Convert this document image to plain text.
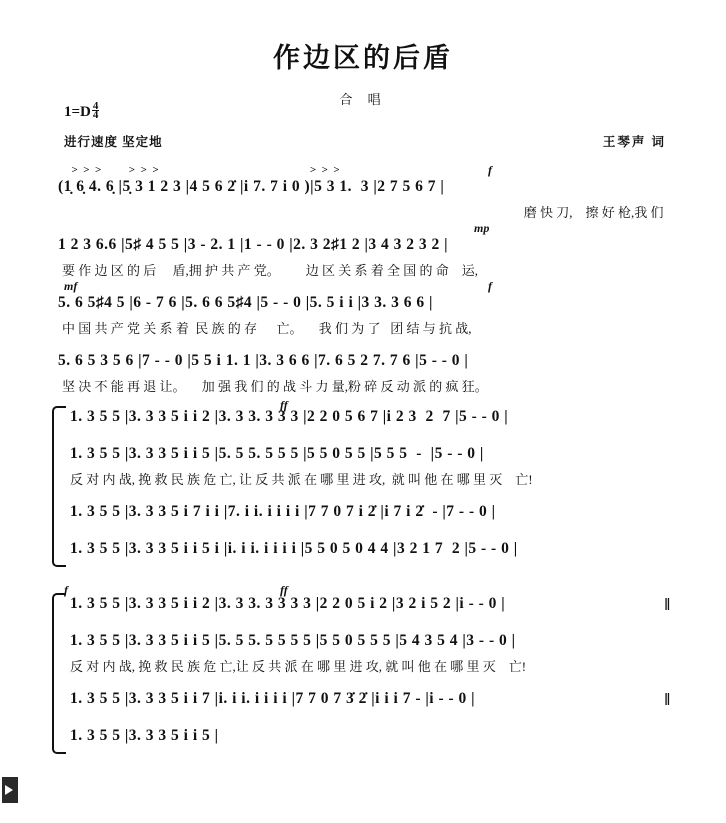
作边区的后盾
合 唱
$1=D \frac{4}{4}$
进行速度 坚定地	王琴声 词
>  >  >          >  >  >                                                       >  >  >	f
(1̣ 6̣ 4. 6̣ |5̣ 3 1 2 3 |4 5 6 2̇ |i 7. 7 i 0 )|5 3 1.  3 |2 7 5 6 7 |
磨 快 刀,    擦 好 枪,我 们
mp
1 2 3 6.6 |5♯ 4 5 5 |3 - 2. 1 |1 - - 0 |2. 3 2♯1 2 |3 4 3 2 3 2 |
要 作 边 区 的 后     盾,拥 护 共 产 党。        边 区 关 系 着 全 国 的 命    运,
mf	f
5. 6 5♯4 5 |6 - 7 6 |5. 6 6 5♯4 |5 - - 0 |5. 5 i i |3 3. 3 6 6 |
中 国 共 产 党 关 系 着  民 族 的 存      亡。     我 们 为 了   团 结 与 抗 战,
5. 6 5 3 5 6 |7 - - 0 |5 5 i 1. 1 |3. 3 6 6 |7. 6 5 2 7. 7 6 |5 - - 0 |
坚 决 不 能 再 退 让。     加 强 我 们 的 战 斗 力 量,粉 碎 反 动 派 的 疯 狂。
ff
1. 3 5 5 |3. 3 3 5 i i 2 |3. 3 3. 3 3 3 |2 2 0 5 6 7 |i 2 3  2  7 |5 - - 0 |
1. 3 5 5 |3. 3 3 5 i i 5 |5. 5 5. 5 5 5 |5 5 0 5 5 |5 5 5  -  |5 - - 0 |
反 对 内 战, 挽 救 民 族 危 亡, 让 反 共 派 在 哪 里 进 攻,  就 叫 他 在 哪 里 灭    亡!
1. 3 5 5 |3. 3 3 5 i 7 i i |7. i i. i i i i |7 7 0 7 i 2̇ |i 7 i 2̇  - |7 - - 0 |
1. 3 5 5 |3. 3 3 5 i i 5 i |i. i i. i i i i |5 5 0 5 0 4 4 |3 2 1 7  2 |5 - - 0 |
f	ff
1. 3 5 5 |3. 3 3 5 i i 2 |3. 3 3. 3 3 3 3 |2 2 0 5 i 2 |3 2 i 5 2 |i - - 0 |	‖
1. 3 5 5 |3. 3 3 5 i i 5 |5. 5 5. 5 5 5 5 |5 5 0 5 5 5 |5 4 3 5 4 |3 - - 0 |
反 对 内 战, 挽 救 民 族 危 亡,让 反 共 派 在 哪 里 进 攻, 就 叫 他 在 哪 里 灭    亡!
1. 3 5 5 |3. 3 3 5 i i 7 |i. i i. i i i i |7 7 0 7 3̇ 2̇ |i i i 7 - |i - - 0 |	‖
1. 3 5 5 |3. 3 3 5 i i 5 |
